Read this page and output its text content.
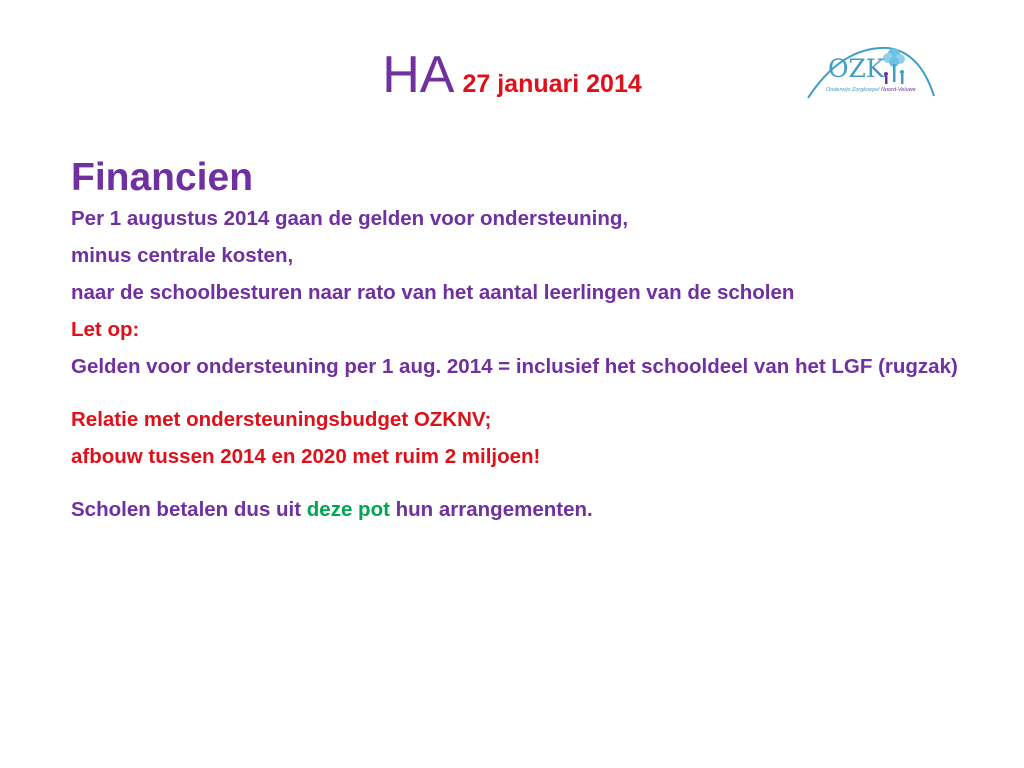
HA 27 januari 2014
OZK
Onderwijs Zorgkoepel Noord-Veluwe

Financien

Per 1 augustus 2014 gaan de gelden voor ondersteuning,

minus centrale kosten,

naar de schoolbesturen naar rato van het aantal leerlingen van de scholen

Let op:

Gelden voor ondersteuning per 1 aug. 2014 = inclusief het schooldeel van het LGF (rugzak)

Relatie met ondersteuningsbudget OZKNV;

afbouw tussen 2014 en 2020 met ruim 2 miljoen!

Scholen betalen dus uit deze pot hun arrangementen.
